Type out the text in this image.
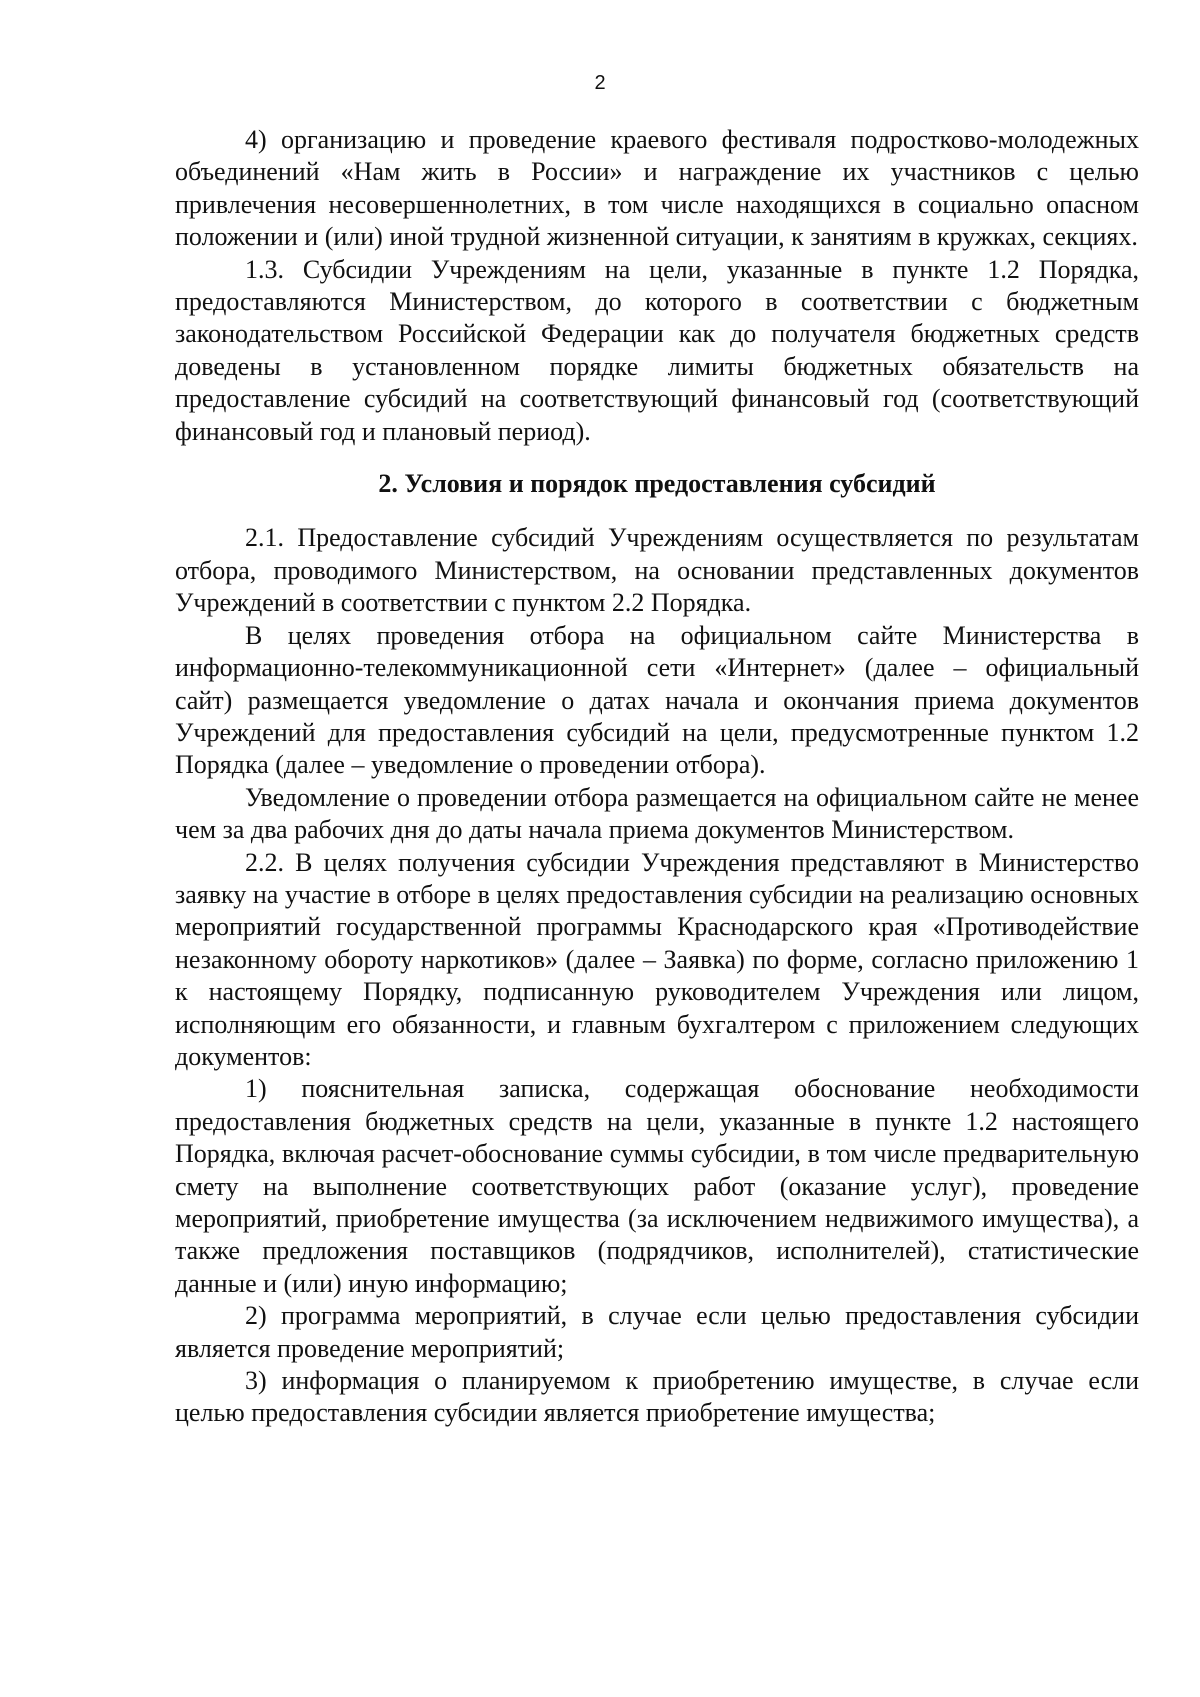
2

4) организацию и проведение краевого фестиваля подростково-молодежных объединений «Нам жить в России» и награждение их участников с целью привлечения несовершеннолетних, в том числе находящихся в социально опасном положении и (или) иной трудной жизненной ситуации, к занятиям в кружках, секциях.

1.3. Субсидии Учреждениям на цели, указанные в пункте 1.2 Порядка, предоставляются Министерством, до которого в соответствии с бюджетным законодательством Российской Федерации как до получателя бюджетных средств доведены в установленном порядке лимиты бюджетных обязательств на предоставление субсидий на соответствующий финансовый год (соответствующий финансовый год и плановый период).

2. Условия и порядок предоставления субсидий

2.1. Предоставление субсидий Учреждениям осуществляется по результатам отбора, проводимого Министерством, на основании представленных документов Учреждений в соответствии с пунктом 2.2 Порядка.

В целях проведения отбора на официальном сайте Министерства в информационно-телекоммуникационной сети «Интернет» (далее – официальный сайт) размещается уведомление о датах начала и окончания приема документов Учреждений для предоставления субсидий на цели, предусмотренные пунктом 1.2 Порядка (далее – уведомление о проведении отбора).

Уведомление о проведении отбора размещается на официальном сайте не менее чем за два рабочих дня до даты начала приема документов Министерством.

2.2. В целях получения субсидии Учреждения представляют в Министерство заявку на участие в отборе в целях предоставления субсидии на реализацию основных мероприятий государственной программы Краснодарского края «Противодействие незаконному обороту наркотиков» (далее – Заявка) по форме, согласно приложению 1 к настоящему Порядку, подписанную руководителем Учреждения или лицом, исполняющим его обязанности, и главным бухгалтером с приложением следующих документов:

1) пояснительная записка, содержащая обоснование необходимости предоставления бюджетных средств на цели, указанные в пункте 1.2 настоящего Порядка, включая расчет-обоснование суммы субсидии, в том числе предварительную смету на выполнение соответствующих работ (оказание услуг), проведение мероприятий, приобретение имущества (за исключением недвижимого имущества), а также предложения поставщиков (подрядчиков, исполнителей), статистические данные и (или) иную информацию;

2) программа мероприятий, в случае если целью предоставления субсидии является проведение мероприятий;

3) информация о планируемом к приобретению имуществе, в случае если целью предоставления субсидии является приобретение имущества;
